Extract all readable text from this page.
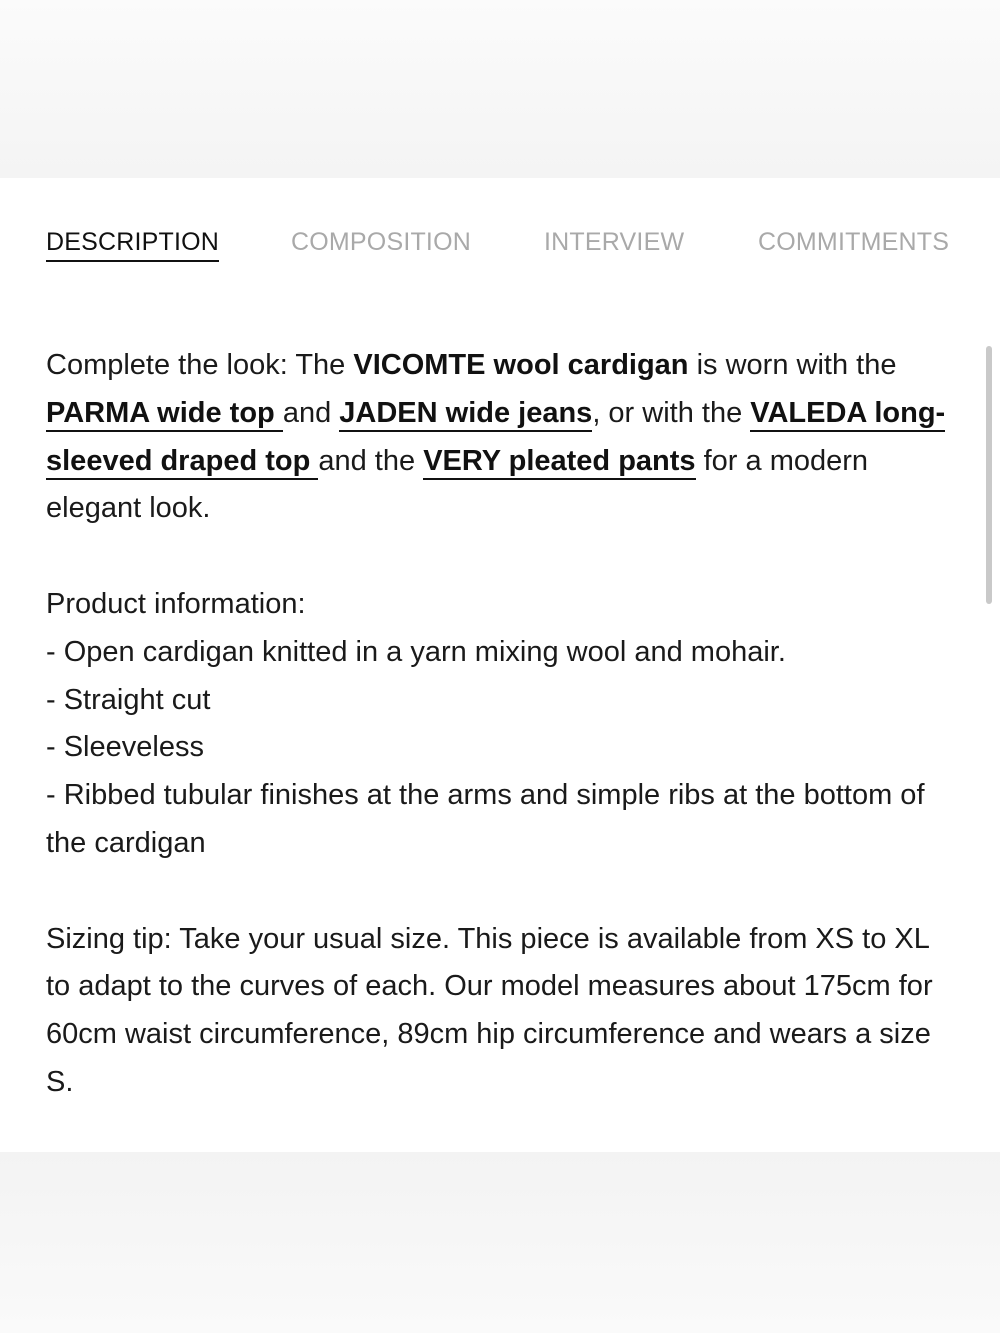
DESCRIPTION	COMPOSITION	INTERVIEW	COMMITMENTS

Complete the look: The VICOMTE wool cardigan is worn with the PARMA wide top and JADEN wide jeans, or with the VALEDA long-sleeved draped top and the VERY pleated pants for a modern elegant look.

Product information:

- Open cardigan knitted in a yarn mixing wool and mohair.

- Straight cut

- Sleeveless

- Ribbed tubular finishes at the arms and simple ribs at the bottom of the cardigan

Sizing tip: Take your usual size. This piece is available from XS to XL to adapt to the curves of each. Our model measures about 175cm for 60cm waist circumference, 89cm hip circumference and wears a size S.
